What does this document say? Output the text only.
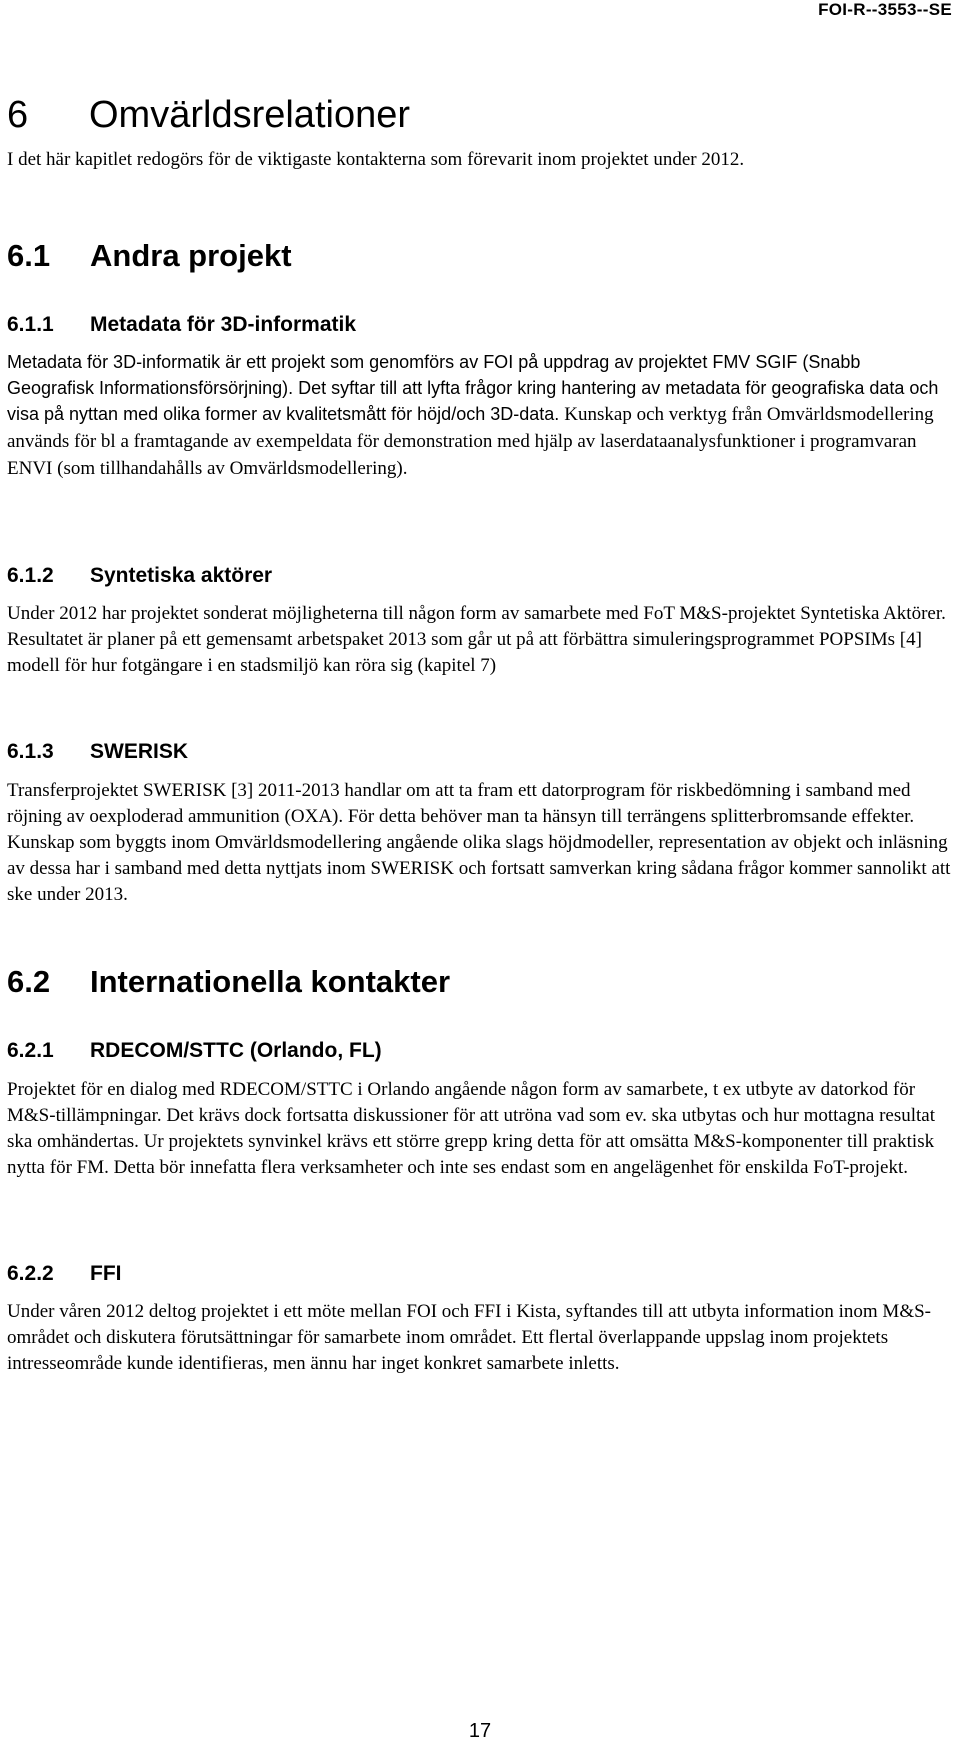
FOI-R--3553--SE
6 Omvärldsrelationer

I det här kapitlet redogörs för de viktigaste kontakterna som förevarit inom projektet under 2012.

6.1 Andra projekt
6.1.1 Metadata för 3D-informatik

Metadata för 3D-informatik är ett projekt som genomförs av FOI på uppdrag av projektet FMV SGIF (Snabb Geografisk Informationsförsörjning). Det syftar till att lyfta frågor kring hantering av metadata för geografiska data och visa på nyttan med olika former av kvalitetsmått för höjd/och 3D-data. Kunskap och verktyg från Omvärldsmodellering används för bl a framtagande av exempeldata för demonstration med hjälp av laserdataanalysfunktioner i programvaran ENVI (som tillhandahålls av Omvärldsmodellering).

6.1.2 Syntetiska aktörer

Under 2012 har projektet sonderat möjligheterna till någon form av samarbete med FoT M&S-projektet Syntetiska Aktörer. Resultatet är planer på ett gemensamt arbetspaket 2013 som går ut på att förbättra simuleringsprogrammet POPSIMs [4] modell för hur fotgängare i en stadsmiljö kan röra sig (kapitel 7)

6.1.3 SWERISK

Transferprojektet SWERISK [3] 2011-2013 handlar om att ta fram ett datorprogram för riskbedömning i samband med röjning av oexploderad ammunition (OXA). För detta behöver man ta hänsyn till terrängens splitterbromsande effekter. Kunskap som byggts inom Omvärldsmodellering angående olika slags höjdmodeller, representation av objekt och inläsning av dessa har i samband med detta nyttjats inom SWERISK och fortsatt samverkan kring sådana frågor kommer sannolikt att ske under 2013.

6.2 Internationella kontakter
6.2.1 RDECOM/STTC (Orlando, FL)

Projektet för en dialog med RDECOM/STTC i Orlando angående någon form av samarbete, t ex utbyte av datorkod för M&S-tillämpningar. Det krävs dock fortsatta diskussioner för att utröna vad som ev. ska utbytas och hur mottagna resultat ska omhändertas. Ur projektets synvinkel krävs ett större grepp kring detta för att omsätta M&S-komponenter till praktisk nytta för FM. Detta bör innefatta flera verksamheter och inte ses endast som en angelägenhet för enskilda FoT-projekt.

6.2.2 FFI

Under våren 2012 deltog projektet i ett möte mellan FOI och FFI i Kista, syftandes till att utbyta information inom M&S-området och diskutera förutsättningar för samarbete inom området. Ett flertal överlappande uppslag inom projektets intresseområde kunde identifieras, men ännu har inget konkret samarbete inletts.

17
